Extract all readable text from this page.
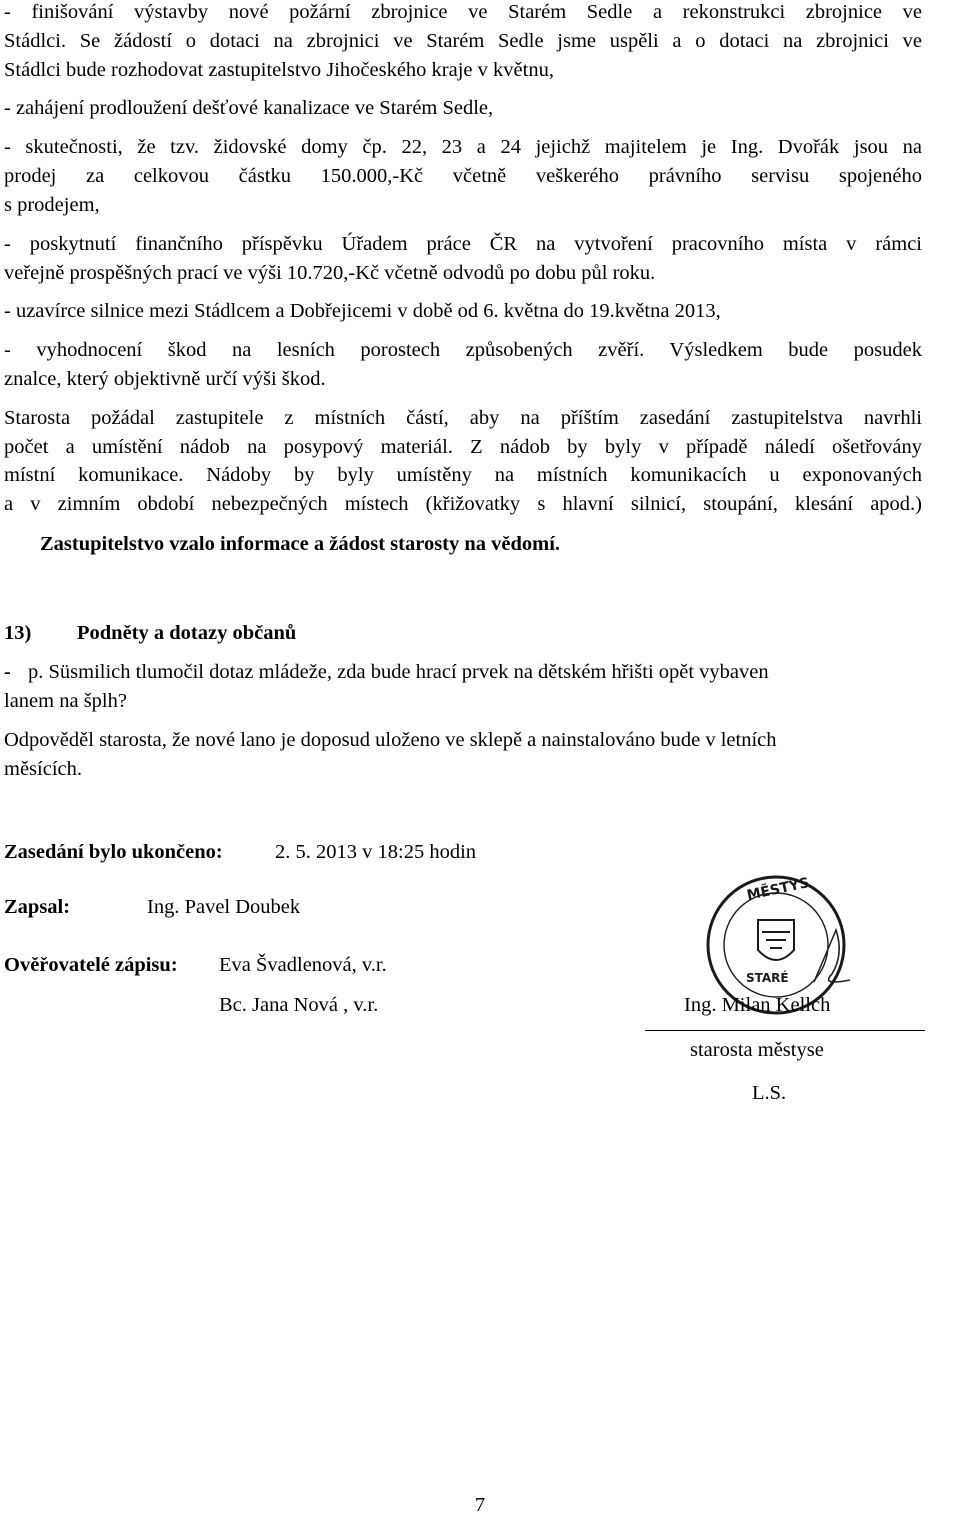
- finišování výstavby nové požární zbrojnice ve Starém Sedle a rekonstrukci zbrojnice ve
Stádlci. Se žádostí o dotaci na zbrojnici ve Starém Sedle jsme uspěli a o dotaci na zbrojnici ve
Stádlci bude rozhodovat zastupitelstvo Jihočeského kraje v květnu,
- zahájení prodloužení dešťové kanalizace ve Starém Sedle,
- skutečnosti, že tzv. židovské domy čp. 22, 23 a 24 jejichž majitelem je Ing. Dvořák jsou na
prodej za celkovou částku 150.000,-Kč včetně veškerého právního servisu spojeného
s prodejem,
- poskytnutí finančního příspěvku Úřadem práce ČR na vytvoření pracovního místa v rámci
veřejně prospěšných prací ve výši 10.720,-Kč včetně odvodů po dobu půl roku.
- uzavírce silnice mezi Stádlcem a Dobřejicemi v době od 6. května do 19.května 2013,
- vyhodnocení škod na lesních porostech způsobených zvěří. Výsledkem bude posudek
znalce, který objektivně určí výši škod.
Starosta požádal zastupitele z místních částí, aby na příštím zasedání zastupitelstva navrhli
počet a umístění nádob na posypový materiál. Z nádob by byly v případě náledí ošetřovány
místní komunikace. Nádoby by byly umístěny na místních komunikacích u exponovaných
a v zimním období nebezpečných místech (křižovatky s hlavní silnicí, stoupání, klesání apod.)
Zastupitelstvo vzalo informace a žádost starosty na vědomí.
13) Podněty a dotazy občanů
- p. Süsmilich tlumočil dotaz mládeže, zda bude hrací prvek na dětském hřišti opět vybaven
lanem na šplh?
Odpověděl starosta, že nové lano je doposud uloženo ve sklepě a nainstalováno bude v letních
měsících.
Zasedání bylo ukončeno:	2. 5. 2013 v 18:25 hodin
Zapsal:	Ing. Pavel Doubek
Ověřovatelé zápisu: Eva Švadlenová, v.r.
Bc. Jana Nová , v.r.
MĚSTYS
STARÉ
Ing. Milan Kellch
starosta městyse
L.S.
7
